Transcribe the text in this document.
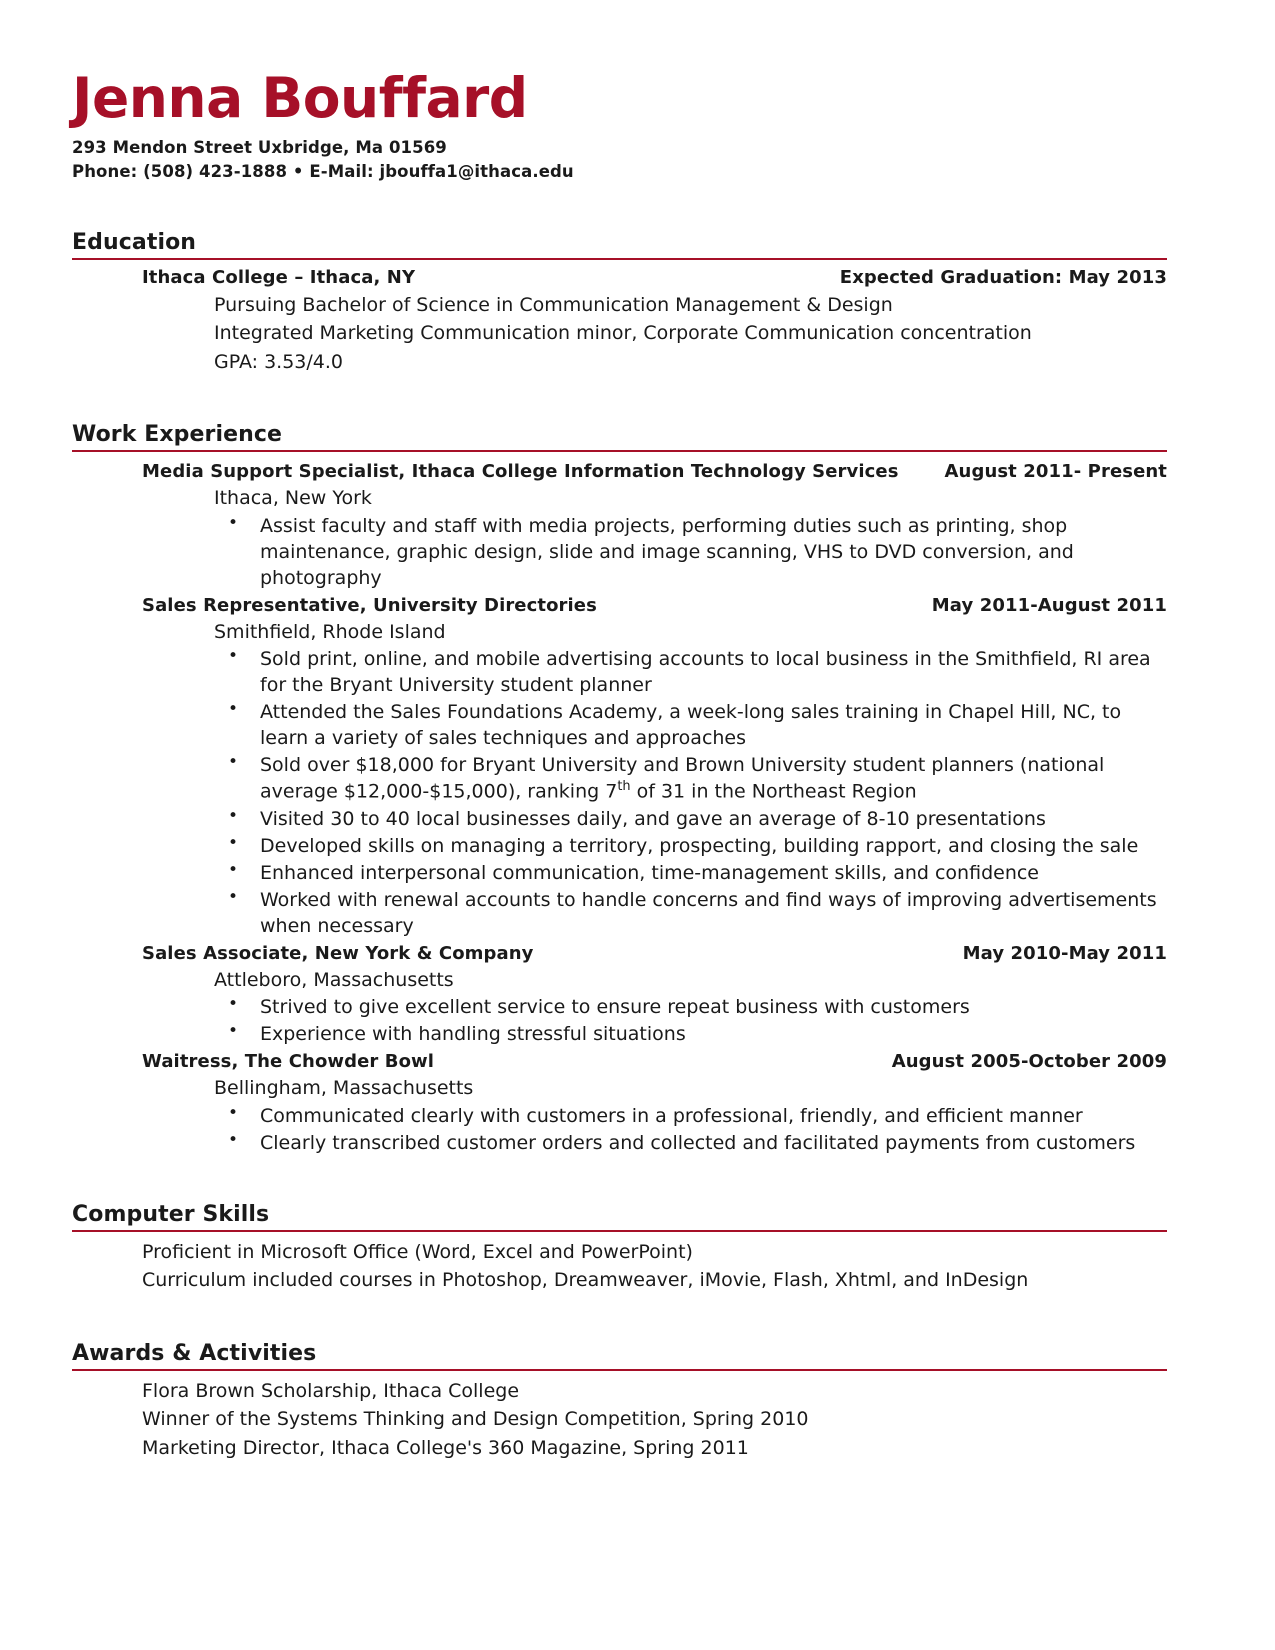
Jenna Bouffard
293 Mendon Street Uxbridge, Ma 01569
Phone: (508) 423-1888 • E-Mail: jbouffa1@ithaca.edu
Education
Ithaca College – Ithaca, NY	Expected Graduation: May 2013
Pursuing Bachelor of Science in Communication Management & Design
Integrated Marketing Communication minor, Corporate Communication concentration
GPA: 3.53/4.0
Work Experience
Media Support Specialist, Ithaca College Information Technology Services	August 2011- Present
Ithaca, New York
• Assist faculty and staff with media projects, performing duties such as printing, shop maintenance, graphic design, slide and image scanning, VHS to DVD conversion, and photography
Sales Representative, University Directories	May 2011-August 2011
Smithfield, Rhode Island
• Sold print, online, and mobile advertising accounts to local business in the Smithfield, RI area for the Bryant University student planner
• Attended the Sales Foundations Academy, a week-long sales training in Chapel Hill, NC, to learn a variety of sales techniques and approaches
• Sold over $18,000 for Bryant University and Brown University student planners (national average $12,000-$15,000), ranking 7th of 31 in the Northeast Region
• Visited 30 to 40 local businesses daily, and gave an average of 8-10 presentations
• Developed skills on managing a territory, prospecting, building rapport, and closing the sale
• Enhanced interpersonal communication, time-management skills, and confidence
• Worked with renewal accounts to handle concerns and find ways of improving advertisements when necessary
Sales Associate, New York & Company	May 2010-May 2011
Attleboro, Massachusetts
• Strived to give excellent service to ensure repeat business with customers
• Experience with handling stressful situations
Waitress, The Chowder Bowl	August 2005-October 2009
Bellingham, Massachusetts
• Communicated clearly with customers in a professional, friendly, and efficient manner
• Clearly transcribed customer orders and collected and facilitated payments from customers
Computer Skills
Proficient in Microsoft Office (Word, Excel and PowerPoint)
Curriculum included courses in Photoshop, Dreamweaver, iMovie, Flash, Xhtml, and InDesign
Awards & Activities
Flora Brown Scholarship, Ithaca College
Winner of the Systems Thinking and Design Competition, Spring 2010
Marketing Director, Ithaca College's 360 Magazine, Spring 2011
